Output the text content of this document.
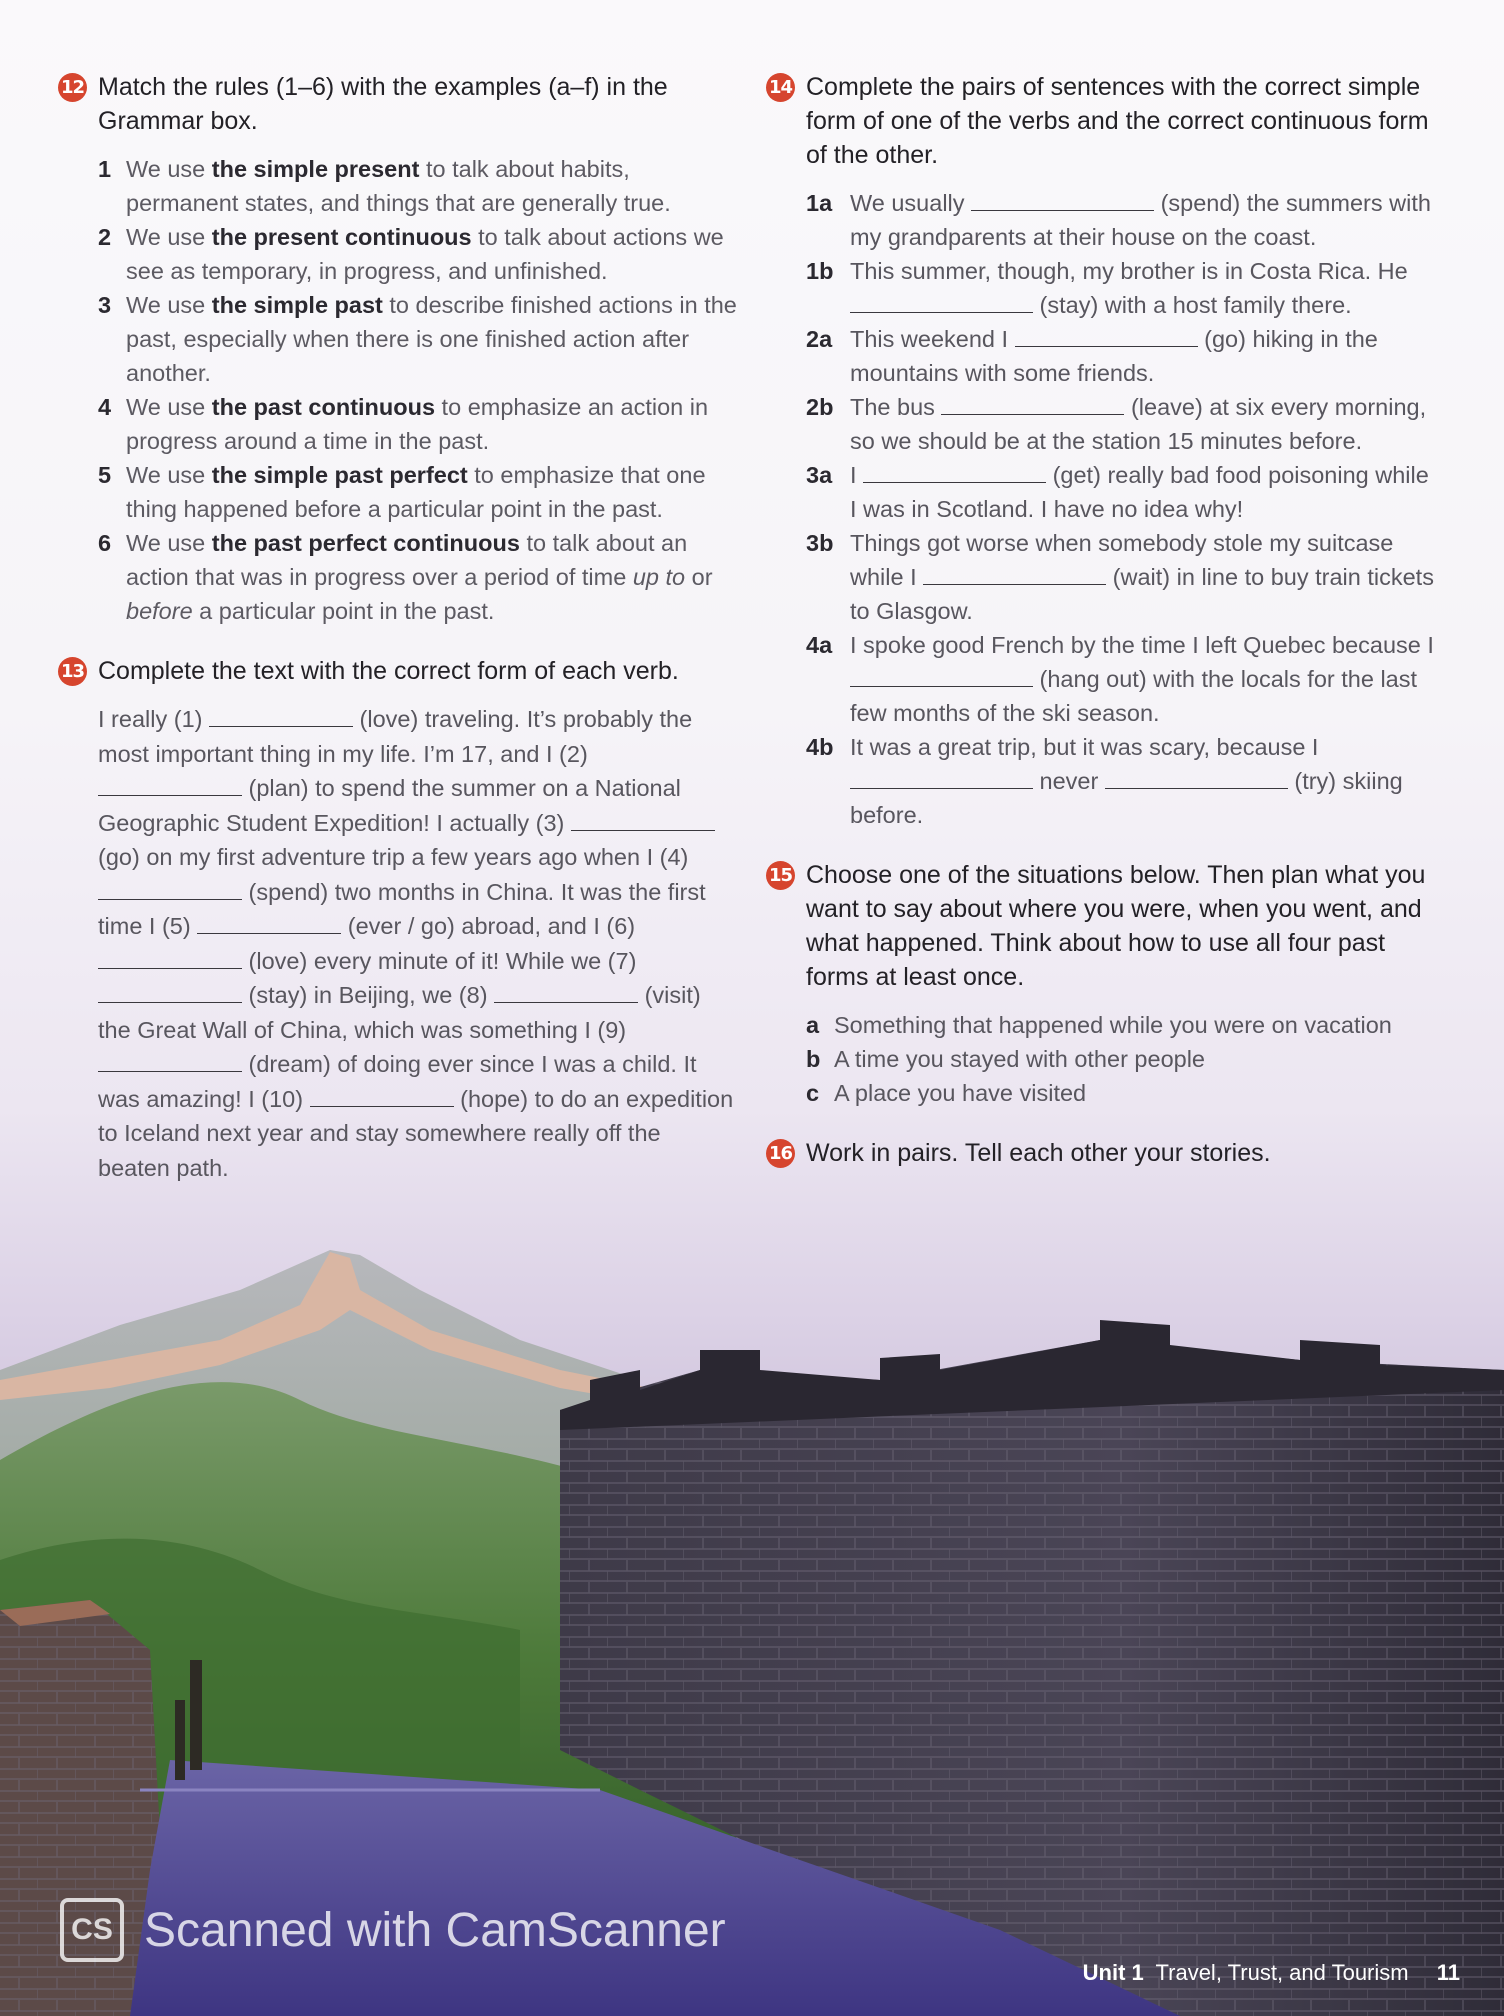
12 Match the rules (1–6) with the examples (a–f) in the Grammar box.
1 We use the simple present to talk about habits, permanent states, and things that are generally true.
2 We use the present continuous to talk about actions we see as temporary, in progress, and unfinished.
3 We use the simple past to describe finished actions in the past, especially when there is one finished action after another.
4 We use the past continuous to emphasize an action in progress around a time in the past.
5 We use the simple past perfect to emphasize that one thing happened before a particular point in the past.
6 We use the past perfect continuous to talk about an action that was in progress over a period of time up to or before a particular point in the past.
13 Complete the text with the correct form of each verb.

I really (1)	(love) traveling. It’s probably the most important thing in my life. I’m 17, and I (2)  (plan) to spend the summer on a National Geographic Student Expedition! I actually (3)  (go) on my first adventure trip a few years ago when I (4)  (spend) two months in China. It was the first time I (5)	(ever / go) abroad, and I (6)  (love) every minute of it! While we (7)  (stay) in Beijing, we (8)	(visit) the Great Wall of China, which was something I (9)  (dream) of doing ever since I was a child. It was amazing! I (10)	(hope) to do an expedition to Iceland next year and stay somewhere really off the beaten path.

14 Complete the pairs of sentences with the correct simple form of one of the verbs and the correct continuous form of the other.
1a We usually	(spend) the summers with my grandparents at their house on the coast.
1b This summer, though, my brother is in Costa Rica. He  (stay) with a host family there.
2a This weekend I	(go) hiking in the mountains with some friends.
2b The bus	(leave) at six every morning, so we should be at the station 15 minutes before.
3a I	(get) really bad food poisoning while I was in Scotland. I have no idea why!
3b Things got worse when somebody stole my suitcase while I	(wait) in line to buy train tickets to Glasgow.
4a I spoke good French by the time I left Quebec because I  (hang out) with the locals for the last few months of the ski season.
4b It was a great trip, but it was scary, because I  never	(try) skiing before.
15 Choose one of the situations below. Then plan what you want to say about where you were, when you went, and what happened. Think about how to use all four past forms at least once.
a Something that happened while you were on vacation
b A time you stayed with other people
c A place you have visited
16 Work in pairs. Tell each other your stories.
CS Scanned with CamScanner
Unit 1 Travel, Trust, and Tourism 11
